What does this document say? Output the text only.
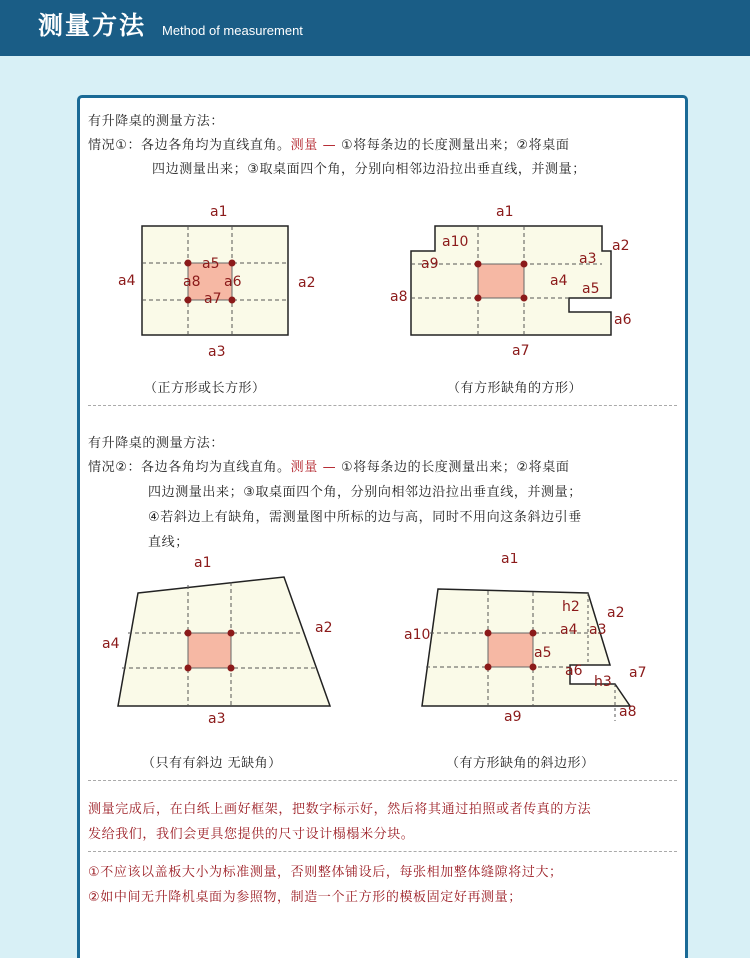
测量方法 Method of measurement
有升降桌的测量方法：
情况①：各边各角均为直线直角。测量 — ①将每条边的长度测量出来；②将桌面
四边测量出来；③取桌面四个角，分别向相邻边沿拉出垂直线，并测量；
a1
a2
a3
a4
a5
a6
a7
a8
a1
a2
a3
a4 a5
a6
a7
a8
a9
a10
（正方形或长方形）	（有方形缺角的方形）
有升降桌的测量方法：
情况②：各边各角均为直线直角。测量 — ①将每条边的长度测量出来；②将桌面
四边测量出来；③取桌面四个角，分别向相邻边沿拉出垂直线，并测量；
④若斜边上有缺角，需测量图中所标的边与高，同时不用向这条斜边引垂
直线；
a1
a2
a3
a4
a1
a2
a3
a4
a5
a6	a7
a8
a9
a10
h2
h3
（只有有斜边 无缺角）	（有方形缺角的斜边形）
测量完成后，在白纸上画好框架，把数字标示好，然后将其通过拍照或者传真的方法
发给我们，我们会更具您提供的尺寸设计榻榻米分块。
①不应该以盖板大小为标准测量，否则整体铺设后，每张相加整体缝隙将过大；
②如中间无升降机桌面为参照物，制造一个正方形的模板固定好再测量；
